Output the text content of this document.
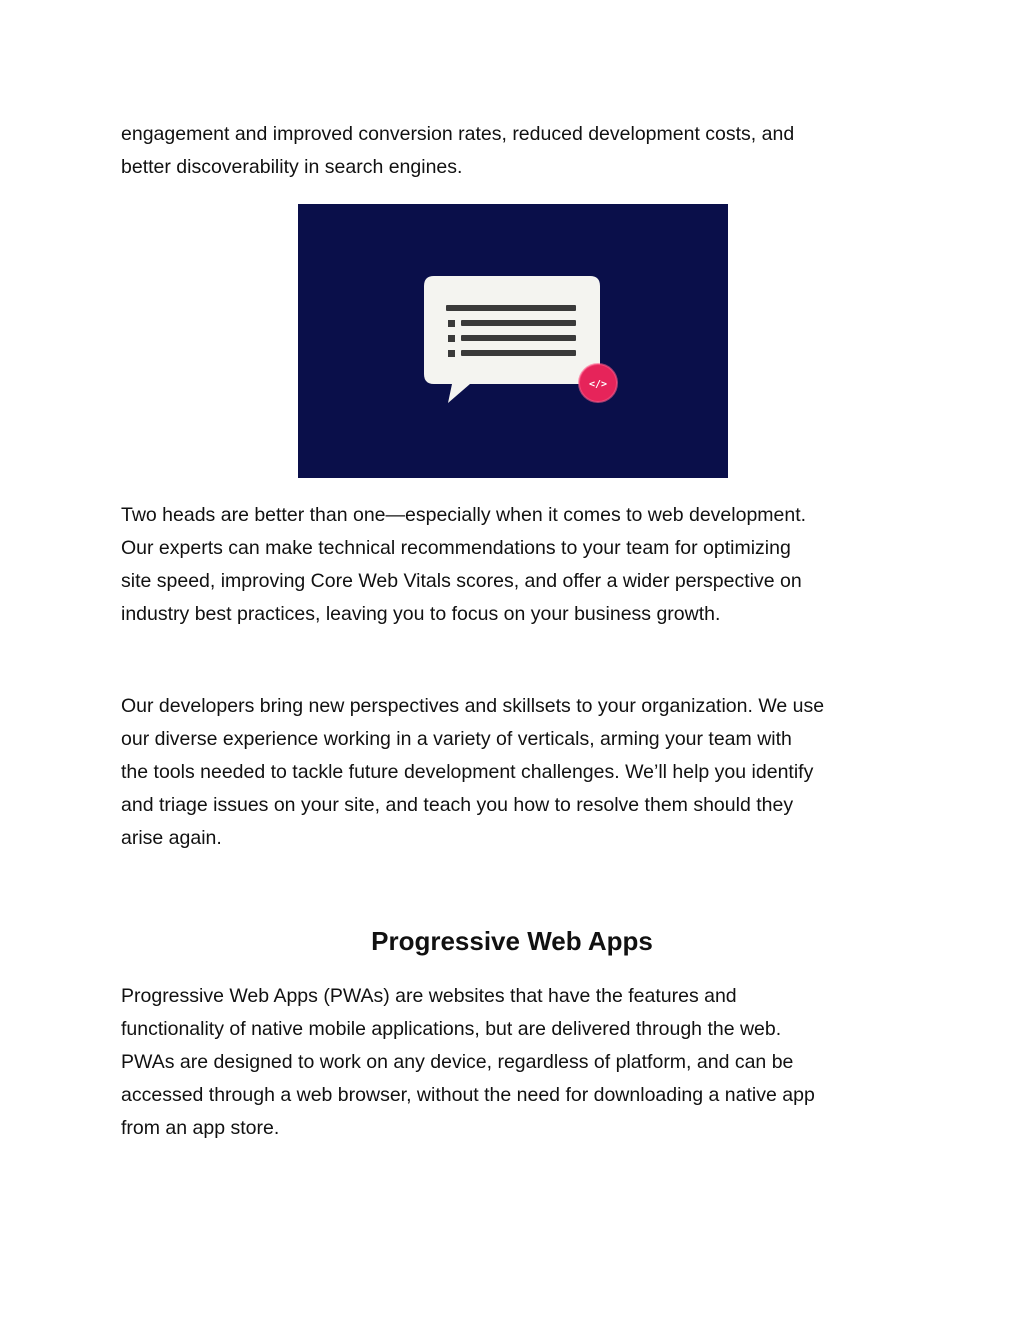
engagement and improved conversion rates, reduced development costs, and
better discoverability in search engines.
</>
Two heads are better than one—especially when it comes to web development.
Our experts can make technical recommendations to your team for optimizing
site speed, improving Core Web Vitals scores, and offer a wider perspective on
industry best practices, leaving you to focus on your business growth.
Our developers bring new perspectives and skillsets to your organization. We use
our diverse experience working in a variety of verticals, arming your team with
the tools needed to tackle future development challenges. We’ll help you identify
and triage issues on your site, and teach you how to resolve them should they
arise again.
Progressive Web Apps
Progressive Web Apps (PWAs) are websites that have the features and
functionality of native mobile applications, but are delivered through the web.
PWAs are designed to work on any device, regardless of platform, and can be
accessed through a web browser, without the need for downloading a native app
from an app store.
